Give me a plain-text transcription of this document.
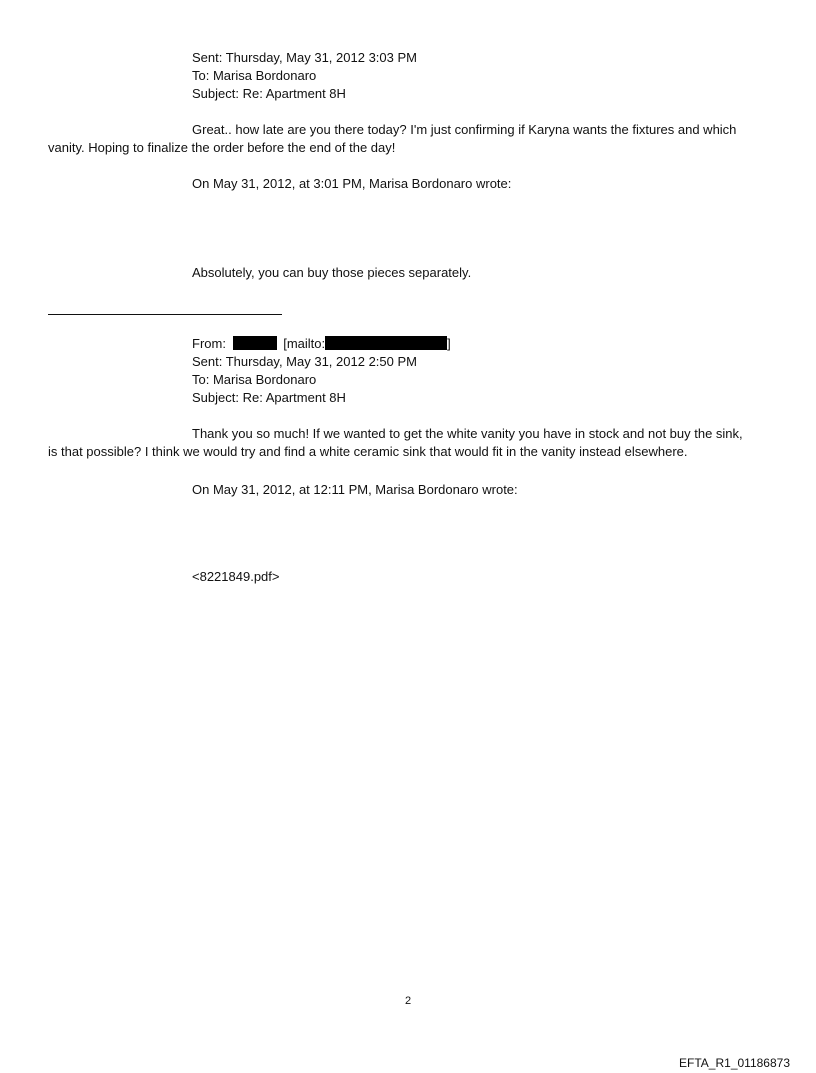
Sent: Thursday, May 31, 2012 3:03 PM
To: Marisa Bordonaro
Subject: Re: Apartment 8H
Great.. how late are you there today? I'm just confirming if Karyna wants the fixtures and which
vanity. Hoping to finalize the order before the end of the day!
On May 31, 2012, at 3:01 PM, Marisa Bordonaro wrote:
Absolutely, you can buy those pieces separately.
From:	[mailto:	]
Sent: Thursday, May 31, 2012 2:50 PM
To: Marisa Bordonaro
Subject: Re: Apartment 8H
Thank you so much! If we wanted to get the white vanity you have in stock and not buy the sink,
is that possible? I think we would try and find a white ceramic sink that would fit in the vanity instead elsewhere.
On May 31, 2012, at 12:11 PM, Marisa Bordonaro wrote:
<8221849.pdf>
2
EFTA_R1_01186873
